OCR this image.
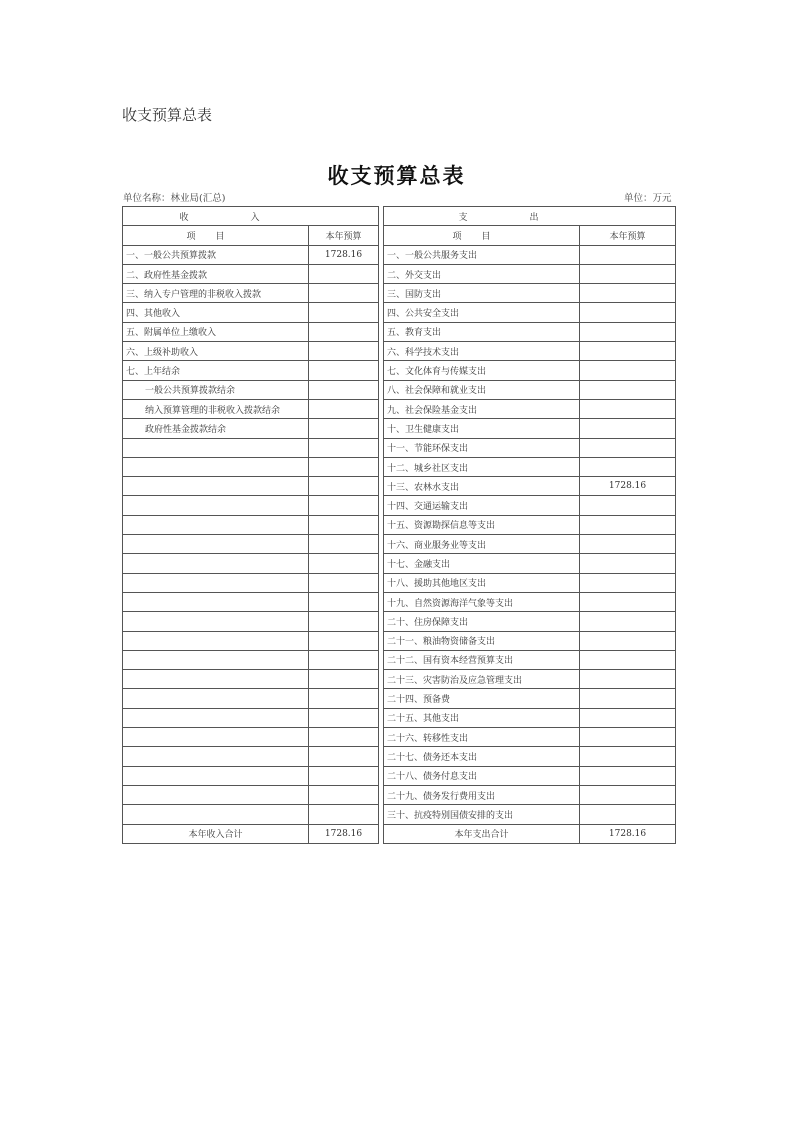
收支预算总表
收支预算总表
单位名称：林业局(汇总)	单位：万元
收入			支出	
项目	本年预算		项目	本年预算
一、一般公共预算拨款	1728.16		一、一般公共服务支出	
二、政府性基金拨款			二、外交支出	
三、纳入专户管理的非税收入拨款			三、国防支出	
四、其他收入			四、公共安全支出	
五、附属单位上缴收入			五、教育支出	
六、上级补助收入			六、科学技术支出	
七、上年结余			七、文化体育与传媒支出	
一般公共预算拨款结余			八、社会保障和就业支出	
纳入预算管理的非税收入拨款结余			九、社会保险基金支出	
政府性基金拨款结余			十、卫生健康支出	
			十一、节能环保支出	
			十二、城乡社区支出	
			十三、农林水支出	1728.16
			十四、交通运输支出	
			十五、资源勘探信息等支出	
			十六、商业服务业等支出	
			十七、金融支出	
			十八、援助其他地区支出	
			十九、自然资源海洋气象等支出	
			二十、住房保障支出	
			二十一、粮油物资储备支出	
			二十二、国有资本经营预算支出	
			二十三、灾害防治及应急管理支出	
			二十四、预备费	
			二十五、其他支出	
			二十六、转移性支出	
			二十七、债务还本支出	
			二十八、债务付息支出	
			二十九、债务发行费用支出	
			三十、抗疫特别国债安排的支出	
本年收入合计	1728.16		本年支出合计	1728.16
